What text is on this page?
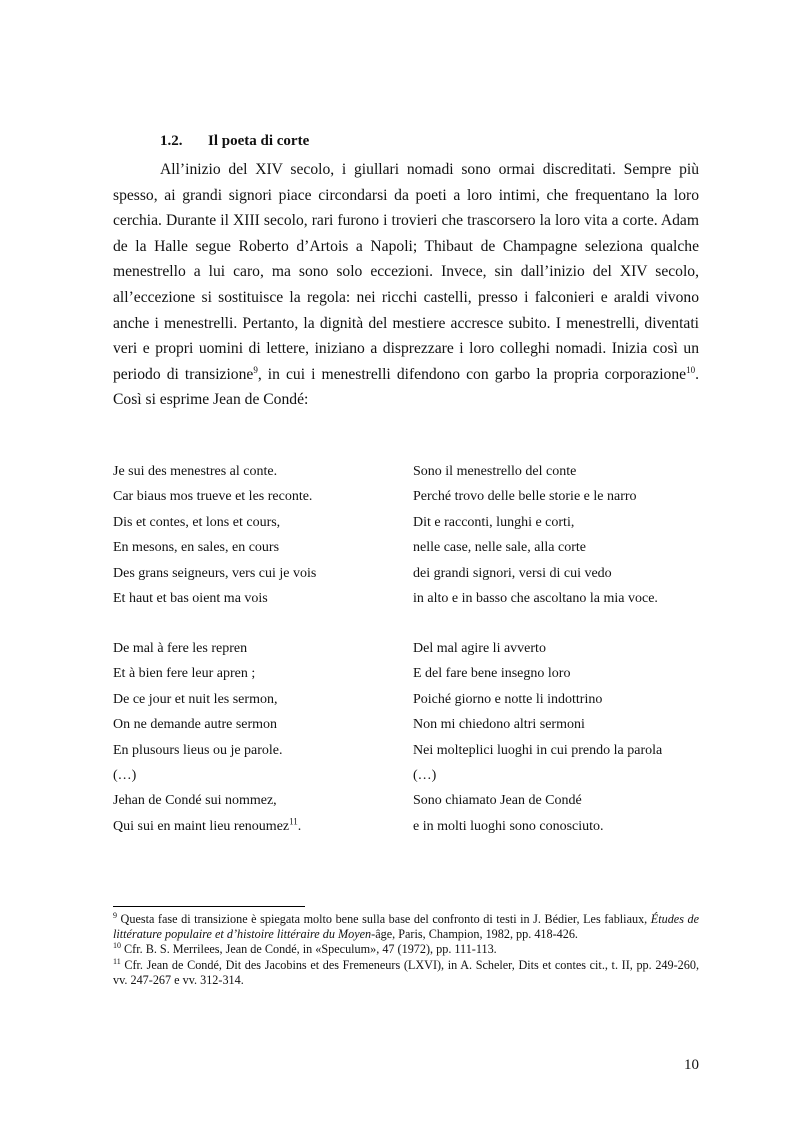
1.2. Il poeta di corte

All’inizio del XIV secolo, i giullari nomadi sono ormai discreditati. Sempre più spesso, ai grandi signori piace circondarsi da poeti a loro intimi, che frequentano la loro cerchia. Durante il XIII secolo, rari furono i trovieri che trascorsero la loro vita a corte. Adam de la Halle segue Roberto d’Artois a Napoli; Thibaut de Champagne seleziona qualche menestrello a lui caro, ma sono solo eccezioni. Invece, sin dall’inizio del XIV secolo, all’eccezione si sostituisce la regola: nei ricchi castelli, presso i falconieri e araldi vivono anche i menestrelli. Pertanto, la dignità del mestiere accresce subito. I menestrelli, diventati veri e propri uomini di lettere, iniziano a disprezzare i loro colleghi nomadi. Inizia così un periodo di transizione$^9$, in cui i menestrelli difendono con garbo la propria corporazione$^{10}$. Così si esprime Jean de Condé:

Je sui des menestres al conte.	Sono il menestrello del conte
Car biaus mos trueve et les reconte.	Perché trovo delle belle storie e le narro
Dis et contes, et lons et cours,	Dit e racconti, lunghi e corti,
En mesons, en sales, en cours	nelle case, nelle sale, alla corte
Des grans seigneurs, vers cui je vois	dei grandi signori, versi di cui vedo
Et haut et bas oient ma vois	in alto e in basso che ascoltano la mia voce.
De mal à fere les repren	Del mal agire li avverto
Et à bien fere leur apren ;	E del fare bene insegno loro
De ce jour et nuit les sermon,	Poiché giorno e notte li indottrino
On ne demande autre sermon	Non mi chiedono altri sermoni
En plusours lieus ou je parole.	Nei molteplici luoghi in cui prendo la parola
(…)	(…)
Jehan de Condé sui nommez,	Sono chiamato Jean de Condé
Qui sui en maint lieu renoumez$^{11}$.	e in molti luoghi sono conosciuto.

$^9$ Questa fase di transizione è spiegata molto bene sulla base del confronto di testi in J. Bédier, Les fabliaux, Études de littérature populaire et d’histoire littéraire du Moyen-âge, Paris, Champion, 1982, pp. 418-426.

$^{10}$ Cfr. B. S. Merrilees, Jean de Condé, in «Speculum», 47 (1972), pp. 111-113.

$^{11}$ Cfr. Jean de Condé, Dit des Jacobins et des Fremeneurs (LXVI), in A. Scheler, Dits et contes cit., t. II, pp. 249-260, vv. 247-267 e vv. 312-314.

10
